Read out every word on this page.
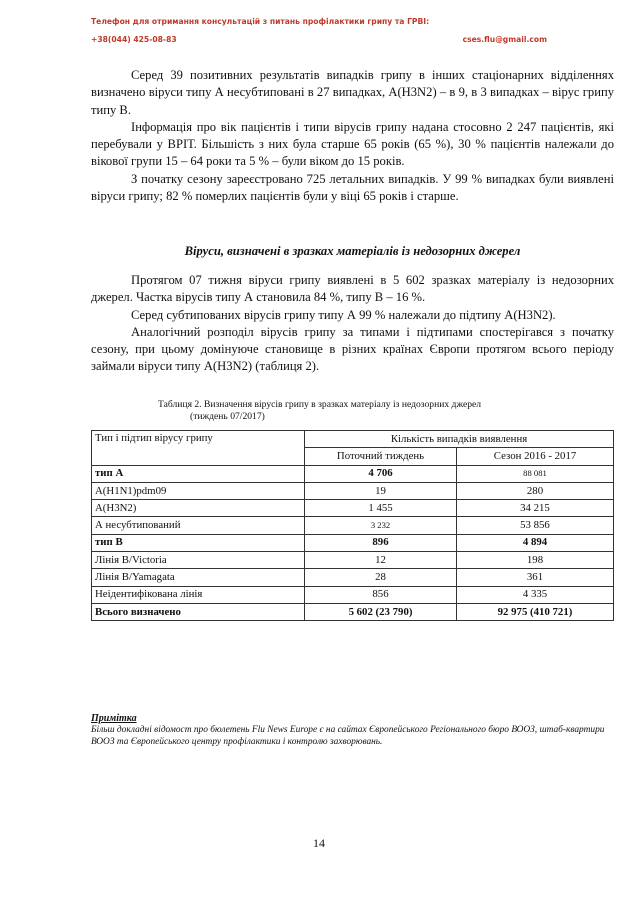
Телефон для отримання консультацій з питань профілактики грипу та ГРВІ:
+38(044) 425-08-83	cses.flu@gmail.com

Серед 39 позитивних результатів випадків грипу в інших стаціонарних відділеннях визначено віруси типу А несубтиповані в 27 випадках, А(H3N2) – в 9, в 3 випадках – вірус грипу типу В.

Інформація про вік пацієнтів і типи вірусів грипу надана стосовно 2 247 пацієнтів, які перебували у ВРІТ. Більшість з них була старше 65 років (65 %), 30 % пацієнтів належали до вікової групи 15 – 64 роки та 5 % – були віком до 15 років.

З початку сезону зареєстровано 725 летальних випадків. У 99 % випадках були виявлені віруси грипу; 82 % померлих пацієнтів були у віці 65 років і старше.

Віруси, визначені в зразках матеріалів із недозорних джерел

Протягом 07 тижня віруси грипу виявлені в 5 602 зразках матеріалу із недозорних джерел. Частка вірусів типу А становила 84 %, типу В – 16 %.

Серед субтипованих вірусів грипу типу А 99 % належали до підтипу А(H3N2).

Аналогічний розподіл вірусів грипу за типами і підтипами спостерігався з початку сезону, при цьому домінуюче становище в різних країнах Європи протягом всього періоду займали віруси типу А(H3N2) (таблиця 2).

Таблиця 2. Визначення вірусів грипу в зразках матеріалу із недозорних джерел
(тиждень 07/2017)
Тип і підтип вірусу грипу	Кількість випадків виявлення	
	Поточний тиждень	Сезон 2016 - 2017
тип А	4 706	88 081
A(H1N1)pdm09	19	280
A(H3N2)	1 455	34 215
А несубтипований	3 232	53 856
тип В	896	4 894
Лінія B/Victoria	12	198
Лінія B/Yamagata	28	361
Неідентифікована лінія	856	4 335
Всього визначено	5 602 (23 790)	92 975 (410 721)
Примітка
Більш докладні відомост про бюлетень Flu News Europe є на сайтах Європейського Регіонального бюро ВООЗ, штаб-квартири ВООЗ та Європейського центру профілактики і контролю захворювань.
14
